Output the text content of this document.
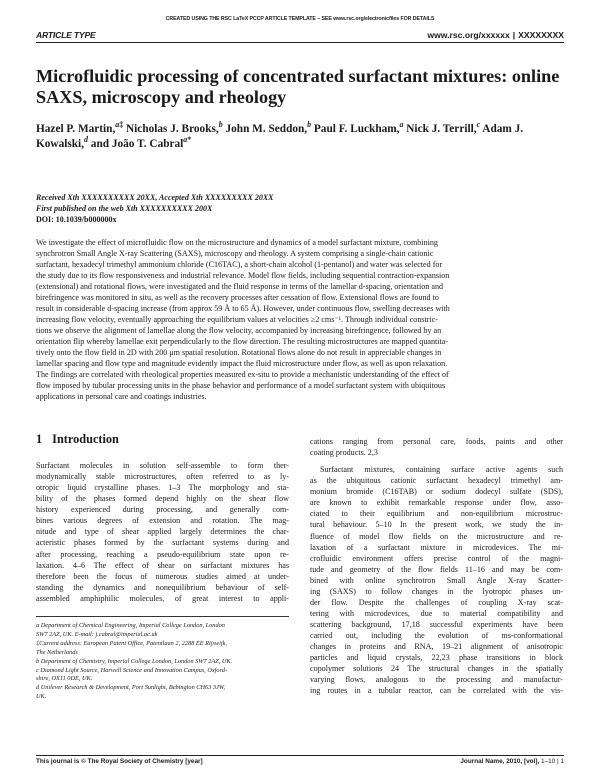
CREATED USING THE RSC LaTeX PCCP ARTICLE TEMPLATE – SEE www.rsc.org/electronicfiles FOR DETAILS
ARTICLE TYPE	www.rsc.org/xxxxxx | XXXXXXXX
Microfluidic processing of concentrated surfactant mixtures: online SAXS, microscopy and rheology
Hazel P. Martin,$^{a\ddagger}$ Nicholas J. Brooks,$^b$ John M. Seddon,$^b$ Paul F. Luckham,$^a$ Nick J. Terrill,$^c$ Adam J. Kowalski,$^d$ and João T. Cabral$^{a*}$
Received Xth XXXXXXXXXX 20XX, Accepted Xth XXXXXXXXX 20XX
First published on the web Xth XXXXXXXXXX 200X
DOI: 10.1039/b000000x
We investigate the effect of microfluidic flow on the microstructure and dynamics of a model surfactant mixture, combining
synchrotron Small Angle X-ray Scattering (SAXS), microscopy and rheology. A system comprising a single-chain cationic
surfactant, hexadecyl trimethyl ammonium chloride (C16TAC), a short-chain alcohol (1-pentanol) and water was selected for
the study due to its flow responsiveness and industrial relevance. Model flow fields, including sequential contraction-expansion
(extensional) and rotational flows, were investigated and the fluid response in terms of the lamellar d-spacing, orientation and
birefringence was monitored in situ, as well as the recovery processes after cessation of flow. Extensional flows are found to
result in considerable d-spacing increase (from approx 59 Å to 65 Å). However, under continuous flow, swelling decreases with
increasing flow velocity, eventually approaching the equilibrium values at velocities ≥2 cms⁻¹. Through individual constric-
tions we observe the alignment of lamellae along the flow velocity, accompanied by increasing birefringence, followed by an
orientation flip whereby lamellae exit perpendicularly to the flow direction. The resulting microstructures are mapped quantita-
tively onto the flow field in 2D with 200 μm spatial resolution. Rotational flows alone do not result in appreciable changes in
lamellar spacing and flow type and magnitude evidently impact the fluid microstructure under flow, as well as upon relaxation.
The findings are correlated with rheological properties measured ex-situ to provide a mechanistic understanding of the effect of
flow imposed by tubular processing units in the phase behavior and performance of a model surfactant system with ubiquitous
applications in personal care and coatings industries.
1 Introduction
Surfactant molecules in solution self-assemble to form ther-
modynamically stable microstructures, often referred to as ly-
otropic liquid crystalline phases. 1–3 The morphology and sta-
bility of the phases formed depend highly on the shear flow
history experienced during processing, and generally com-
bines various degrees of extension and rotation. The mag-
nitude and type of shear applied largely determines the char-
acteristic phases formed by the surfactant systems during and
after processing, reaching a pseudo-equilibrium state upon re-
laxation. 4–6 The effect of shear on surfactant mixtures has
therefore been the focus of numerous studies aimed at under-
standing the dynamics and nonequilibrium behaviour of self-
assembled amphiphilic molecules, of great interest to appli-
cations ranging from personal care, foods, paints and other
coating products. 2,3
Surfactant mixtures, containing surface active agents such
as the ubiquitous cationic surfactant hexadecyl trimethyl am-
monium bromide (C16TAB) or sodium dodecyl sulfate (SDS),
are known to exhibit remarkable response under flow, asso-
ciated to their equilibrium and non-equilibrium microstruc-
tural behaviour. 5–10 In the present work, we study the in-
fluence of model flow fields on the microstructure and re-
laxation of a surfactant mixture in microdevices. The mi-
crofluidic environment offers precise control of the magni-
tude and geometry of the flow fields 11–16 and may be com-
bined with online synchrotron Small Angle X-ray Scatter-
ing (SAXS) to follow changes in the lyotropic phases un-
der flow. Despite the challenges of coupling X-ray scat-
tering with microdevices, due to material compatibility and
scattering background, 17,18 successful experiments have been
carried out, including the evolution of ms-conformational
changes in proteins and RNA, 19–21 alignment of anisotropic
particles and liquid crystals, 22,23 phase transitions in block
copolymer solutions 24 The structural changes in the spatially
varying flows, analogous to the processing and manufactur-
ing routes in a tubular reactor, can be correlated with the vis-
a Department of Chemical Engineering, Imperial College London, London
SW7 2AZ, UK. E-mail: j.cabral@imperial.ac.uk
‡Current address: European Patent Office, Patentlaan 2, 2288 EE Rijswijk,
The Netherlands
b Department of Chemistry, Imperial College London, London SW7 2AZ, UK.
c Diamond Light Source, Harwell Science and Innovation Campus, Oxford-
shire, OX11 0DE, UK.
d Unilever Research & Development, Port Sunlight, Bebington CH63 3JW,
UK.
This journal is © The Royal Society of Chemistry [year]	Journal Name, 2010, [vol], 1–10 | 1
